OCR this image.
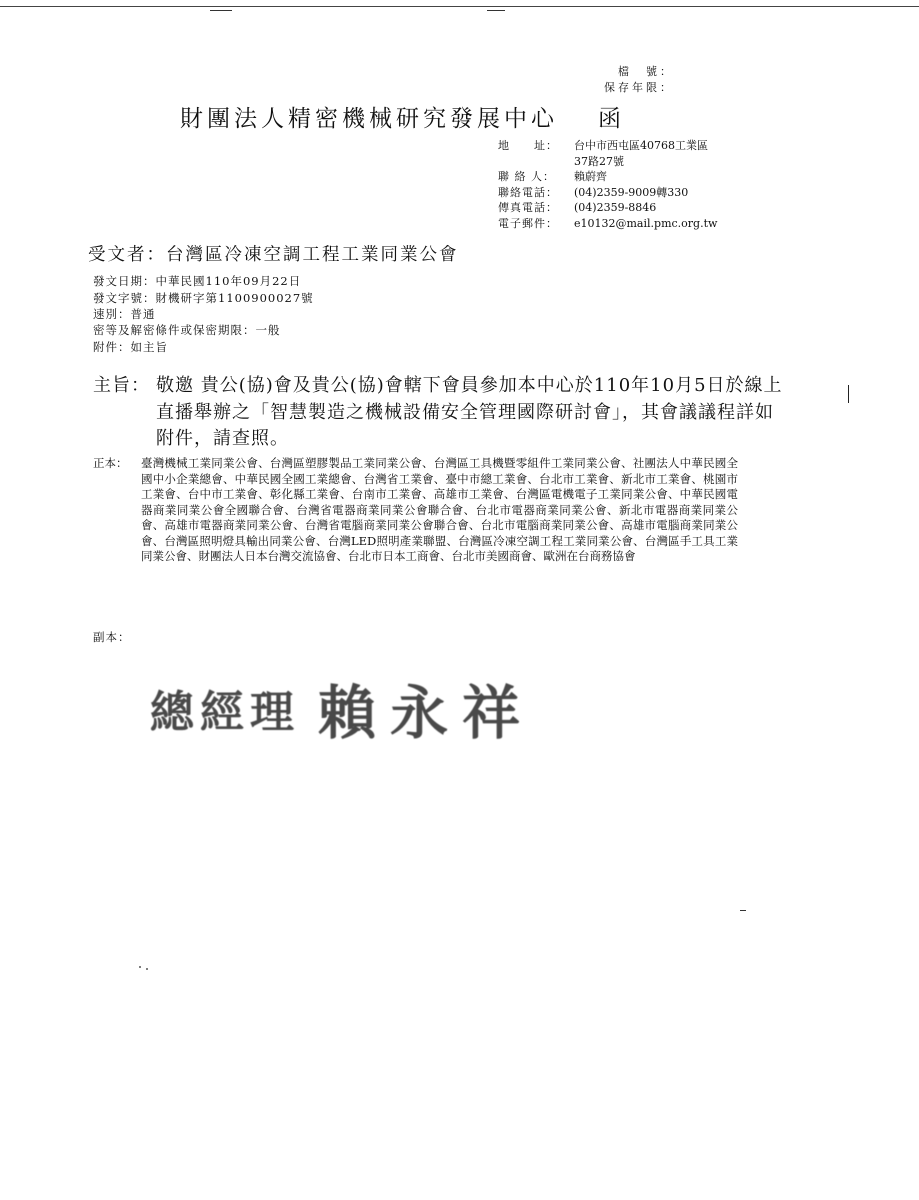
檔　號：
保存年限：
財團法人精密機械研究發展中心 函
地　　址： 台中市西屯區40768工業區
37路27號
聯 絡 人： 賴蔚齊
聯絡電話： (04)2359-9009轉330
傳真電話： (04)2359-8846
電子郵件： e10132@mail.pmc.org.tw
受文者：台灣區冷凍空調工程工業同業公會
發文日期：中華民國110年09月22日
發文字號：財機研字第1100900027號
速別：普通
密等及解密條件或保密期限：一般
附件：如主旨
主旨： 敬邀 貴公(協)會及貴公(協)會轄下會員參加本中心於110年10月5日於線上直播舉辦之「智慧製造之機械設備安全管理國際研討會」，其會議議程詳如附件，請查照。
正本： 臺灣機械工業同業公會、台灣區塑膠製品工業同業公會、台灣區工具機暨零組件工業同業公會、社團法人中華民國全國中小企業總會、中華民國全國工業總會、台灣省工業會、臺中市總工業會、台北市工業會、新北市工業會、桃園市工業會、台中市工業會、彰化縣工業會、台南市工業會、高雄市工業會、台灣區電機電子工業同業公會、中華民國電器商業同業公會全國聯合會、台灣省電器商業同業公會聯合會、台北市電器商業同業公會、新北市電器商業同業公會、高雄市電器商業同業公會、台灣省電腦商業同業公會聯合會、台北市電腦商業同業公會、高雄市電腦商業同業公會、台灣區照明燈具輸出同業公會、台灣LED照明產業聯盟、台灣區冷凍空調工程工業同業公會、台灣區手工具工業同業公會、財團法人日本台灣交流協會、台北市日本工商會、台北市美國商會、歐洲在台商務協會
副本：
總經理 賴永祥
